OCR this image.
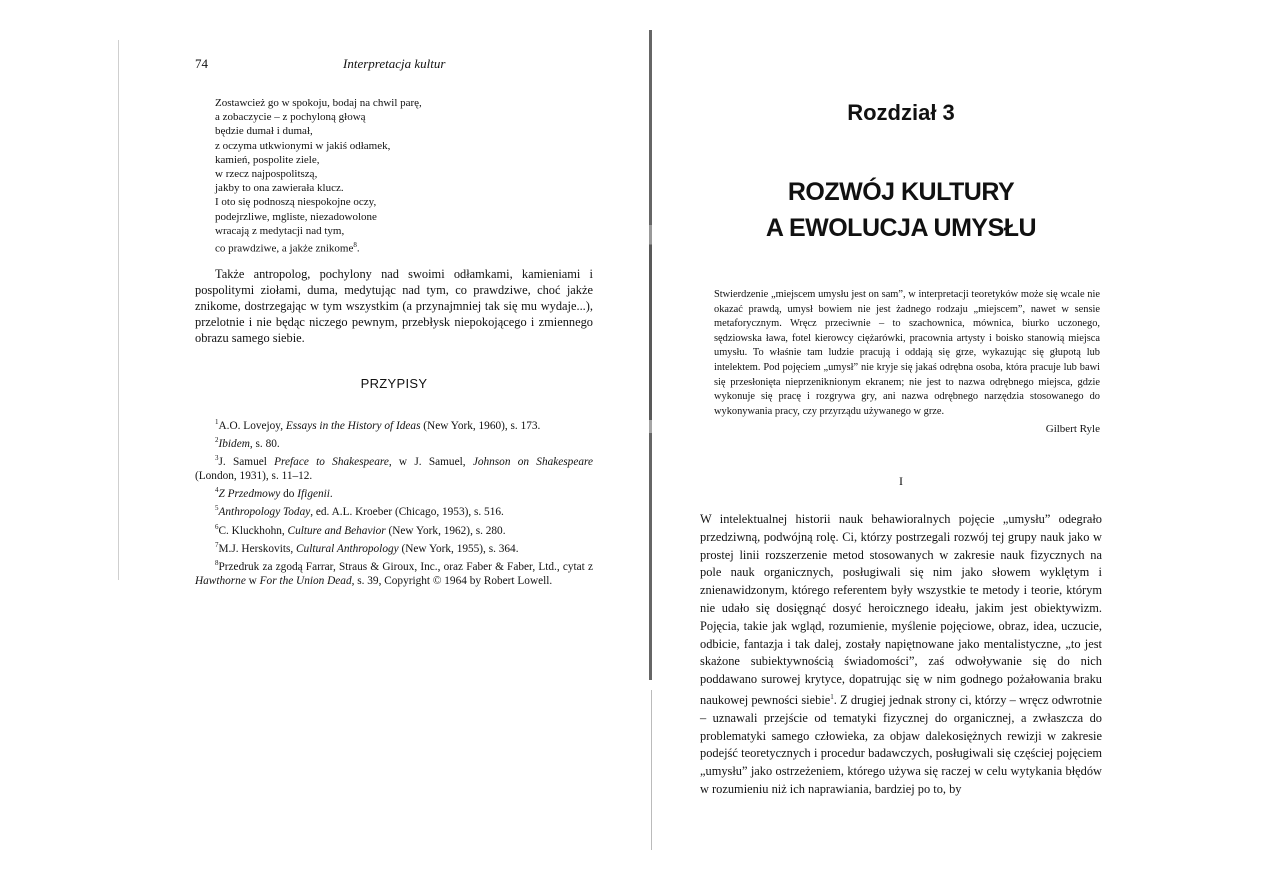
74	Interpretacja kultur
Zostawcież go w spokoju, bodaj na chwil parę,
a zobaczycie – z pochyloną głową
będzie dumał i dumał,
z oczyma utkwionymi w jakiś odłamek,
kamień, pospolite ziele,
w rzecz najpospolitszą,
jakby to ona zawierała klucz.
I oto się podnoszą niespokojne oczy,
podejrzliwe, mgliste, niezadowolone
wracają z medytacji nad tym,
co prawdziwe, a jakże znikome$^8$.

Także antropolog, pochylony nad swoimi odłamkami, kamieniami i pospolitymi ziołami, duma, medytując nad tym, co prawdziwe, choć jakże znikome, dostrzegając w tym wszystkim (a przynajmniej tak się mu wydaje...), przelotnie i nie będąc niczego pewnym, przebłysk niepokojącego i zmiennego obrazu samego siebie.

PRZYPISY
$^1$A.O. Lovejoy, Essays in the History of Ideas (New York, 1960), s. 173.
$^2$Ibidem, s. 80.
$^3$J. Samuel Preface to Shakespeare, w J. Samuel, Johnson on Shakespeare (London, 1931), s. 11–12.
$^4$Z Przedmowy do Ifigenii.
$^5$Anthropology Today, ed. A.L. Kroeber (Chicago, 1953), s. 516.
$^6$C. Kluckhohn, Culture and Behavior (New York, 1962), s. 280.
$^7$M.J. Herskovits, Cultural Anthropology (New York, 1955), s. 364.
$^8$Przedruk za zgodą Farrar, Straus & Giroux, Inc., oraz Faber & Faber, Ltd., cytat z Hawthorne w For the Union Dead, s. 39, Copyright © 1964 by Robert Lowell.
Rozdział 3
ROZWÓJ KULTURY
A EWOLUCJA UMYSŁU
Stwierdzenie „miejscem umysłu jest on sam”, w interpretacji teoretyków może się wcale nie okazać prawdą, umysł bowiem nie jest żadnego rodzaju „miejscem”, nawet w sensie metaforycznym. Wręcz przeciwnie – to szachownica, mównica, biurko uczonego, sędziowska ława, fotel kierowcy ciężarówki, pracownia artysty i boisko stanowią miejsca umysłu. To właśnie tam ludzie pracują i oddają się grze, wykazując się głupotą lub intelektem. Pod pojęciem „umysł” nie kryje się jakaś odrębna osoba, która pracuje lub bawi się przesłonięta nieprzeniknionym ekranem; nie jest to nazwa odrębnego miejsca, gdzie wykonuje się pracę i rozgrywa gry, ani nazwa odrębnego narzędzia stosowanego do wykonywania pracy, czy przyrządu używanego w grze.
Gilbert Ryle
I

W intelektualnej historii nauk behawioralnych pojęcie „umysłu” odegrało przedziwną, podwójną rolę. Ci, którzy postrzegali rozwój tej grupy nauk jako w prostej linii rozszerzenie metod stosowanych w zakresie nauk fizycznych na pole nauk organicznych, posługiwali się nim jako słowem wyklętym i znienawidzonym, którego referentem były wszystkie te metody i teorie, którym nie udało się dosięgnąć dosyć heroicznego ideału, jakim jest obiektywizm. Pojęcia, takie jak wgląd, rozumienie, myślenie pojęciowe, obraz, idea, uczucie, odbicie, fantazja i tak dalej, zostały napiętnowane jako mentalistyczne, „to jest skażone subiektywnością świadomości”, zaś odwoływanie się do nich poddawano surowej krytyce, dopatrując się w nim godnego pożałowania braku naukowej pewności siebie$^1$. Z drugiej jednak strony ci, którzy – wręcz odwrotnie – uznawali przejście od tematyki fizycznej do organicznej, a zwłaszcza do problematyki samego człowieka, za objaw dalekosiężnych rewizji w zakresie podejść teoretycznych i procedur badawczych, posługiwali się częściej pojęciem „umysłu” jako ostrzeżeniem, którego używa się raczej w celu wytykania błędów w rozumieniu niż ich naprawiania, bardziej po to, by
